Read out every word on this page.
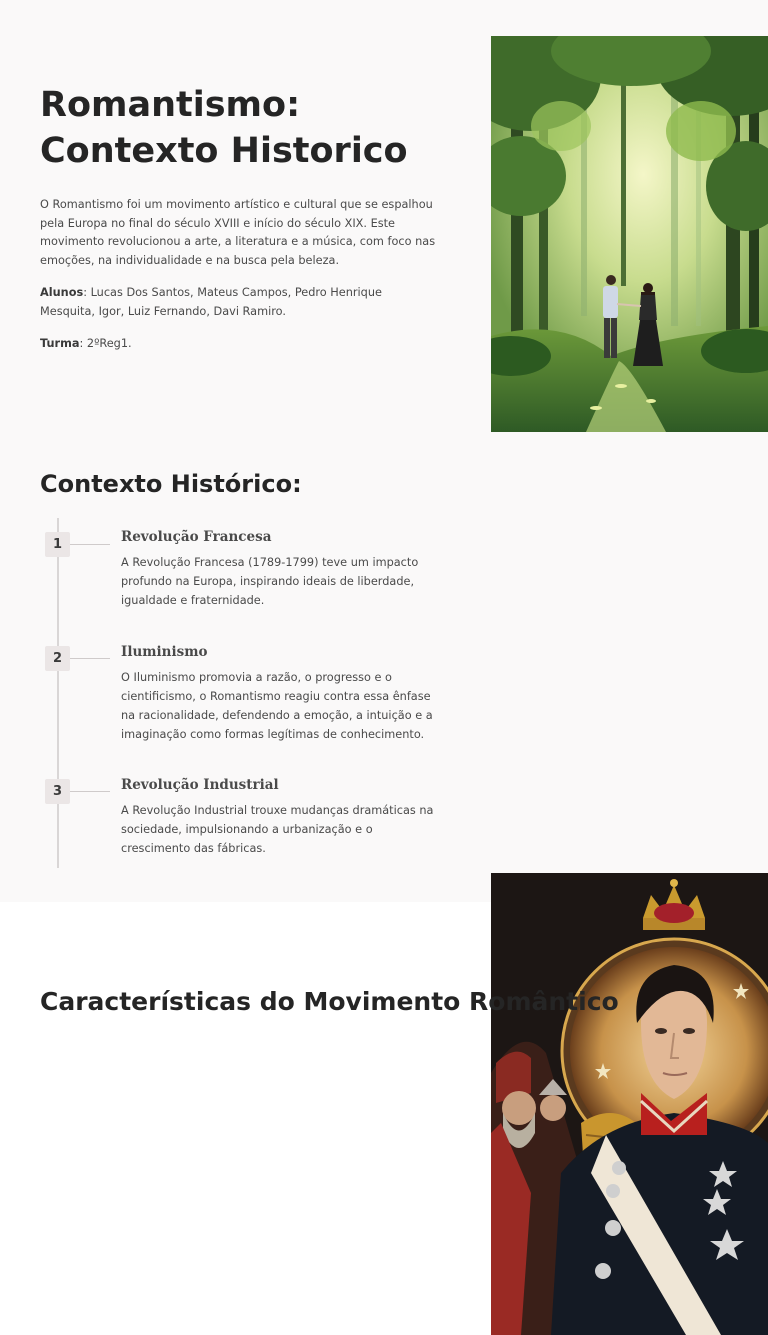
Romantismo:
Contexto Historico

O Romantismo foi um movimento artístico e cultural que se espalhou pela Europa no final do século XVIII e início do século XIX. Este movimento revolucionou a arte, a literatura e a música, com foco nas emoções, na individualidade e na busca pela beleza.

Alunos: Lucas Dos Santos, Mateus Campos, Pedro Henrique Mesquita, Igor, Luiz Fernando, Davi Ramiro.

Turma: 2ºReg1.

Contexto Histórico:
1	Revolução Francesa

A Revolução Francesa (1789-1799) teve um impacto profundo na Europa, inspirando ideais de liberdade, igualdade e fraternidade.

2	Iluminismo

O Iluminismo promovia a razão, o progresso e o cientificismo, o Romantismo reagiu contra essa ênfase na racionalidade, defendendo a emoção, a intuição e a imaginação como formas legítimas de conhecimento.

3	Revolução Industrial

A Revolução Industrial trouxe mudanças dramáticas na sociedade, impulsionando a urbanização e o crescimento das fábricas.

Características do Movimento Romântico
